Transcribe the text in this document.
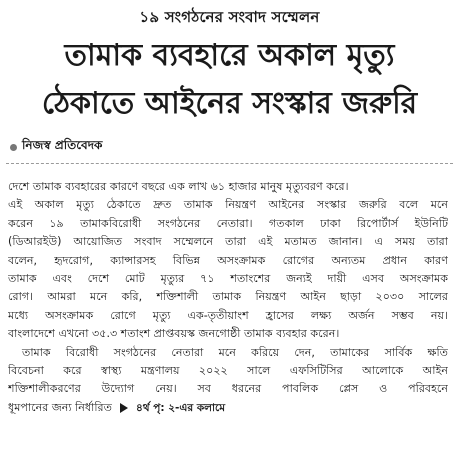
১৯ সংগঠনের সংবাদ সম্মেলন
তামাক ব্যবহারে অকাল মৃত্যু
ঠেকাতে আইনের সংস্কার জরুরি
নিজস্ব প্রতিবেদক
দেশে তামাক ব্যবহারের কারণে বছরে এক লাখ ৬১ হাজার মানুষ মৃত্যুবরণ করে।
এই অকাল মৃত্যু ঠেকাতে দ্রুত তামাক নিয়ন্ত্রণ আইনের সংস্কার জরুরি বলে মনে
করেন ১৯ তামাকবিরোধী সংগঠনের নেতারা। গতকাল ঢাকা রিপোর্টার্স ইউনিটি
(ডিআরইউ) আয়োজিত সংবাদ সম্মেলনে তারা এই মতামত জানান। এ সময় তারা
বলেন, হৃদরোগ, ক্যান্সারসহ বিভিন্ন অসংক্রামক রোগের অন্যতম প্রধান কারণ
তামাক এবং দেশে মোট মৃত্যুর ৭১ শতাংশের জন্যই দায়ী এসব অসংক্রামক
রোগ। আমরা মনে করি, শক্তিশালী তামাক নিয়ন্ত্রণ আইন ছাড়া ২০৩০ সালের
মধ্যে অসংক্রামক রোগে মৃত্যু এক-তৃতীয়াংশ হ্রাসের লক্ষ্য অর্জন সম্ভব নয়।
বাংলাদেশে এখনো ৩৫.৩ শতাংশ প্রাপ্তবয়স্ক জনগোষ্ঠী তামাক ব্যবহার করেন।
তামাক বিরোধী সংগঠনের নেতারা মনে করিয়ে দেন, তামাকের সার্বিক ক্ষতি
বিবেচনা করে স্বাস্থ্য মন্ত্রণালয় ২০২২ সালে এফসিটিসির আলোকে আইন
শক্তিশালীকরণের উদ্যোগ নেয়। সব ধরনের পাবলিক প্লেস ও পরিবহনে
ধূমপানের জন্য নির্ধারিত ৪র্থ পৃ: ২-এর কলামে
